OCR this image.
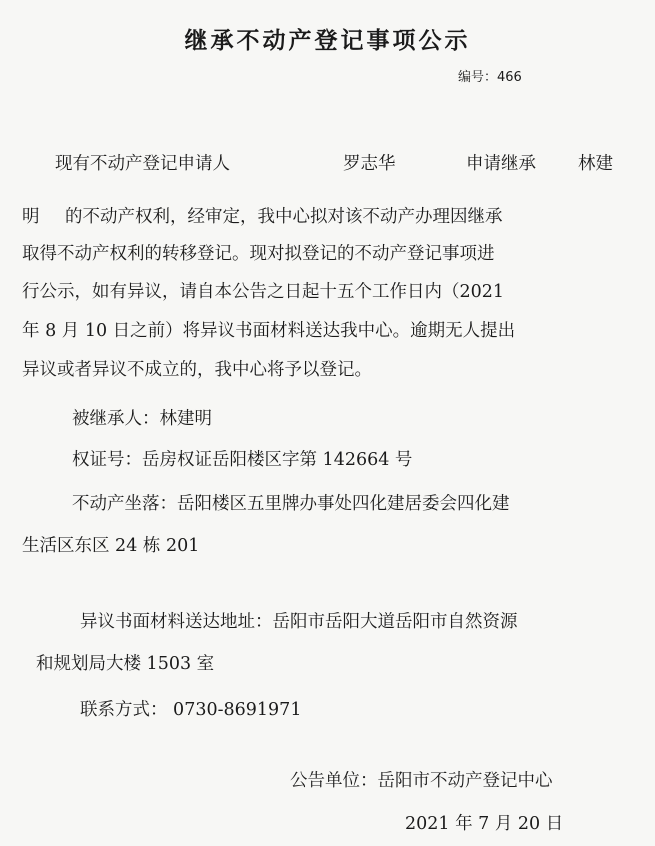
继承不动产登记事项公示
编号：466
现有不动产登记申请人	罗志华	申请继承 林建
明 的不动产权利，经审定，我中心拟对该不动产办理因继承
取得不动产权利的转移登记。现对拟登记的不动产登记事项进
行公示，如有异议，请自本公告之日起十五个工作日内（2021
年 8 月 10 日之前）将异议书面材料送达我中心。逾期无人提出
异议或者异议不成立的，我中心将予以登记。
被继承人：林建明
权证号：岳房权证岳阳楼区字第 142664 号
不动产坐落：岳阳楼区五里牌办事处四化建居委会四化建
生活区东区 24 栋 201
异议书面材料送达地址：岳阳市岳阳大道岳阳市自然资源
和规划局大楼 1503 室
联系方式： 0730-8691971
公告单位：岳阳市不动产登记中心
2021 年 7 月 20 日
